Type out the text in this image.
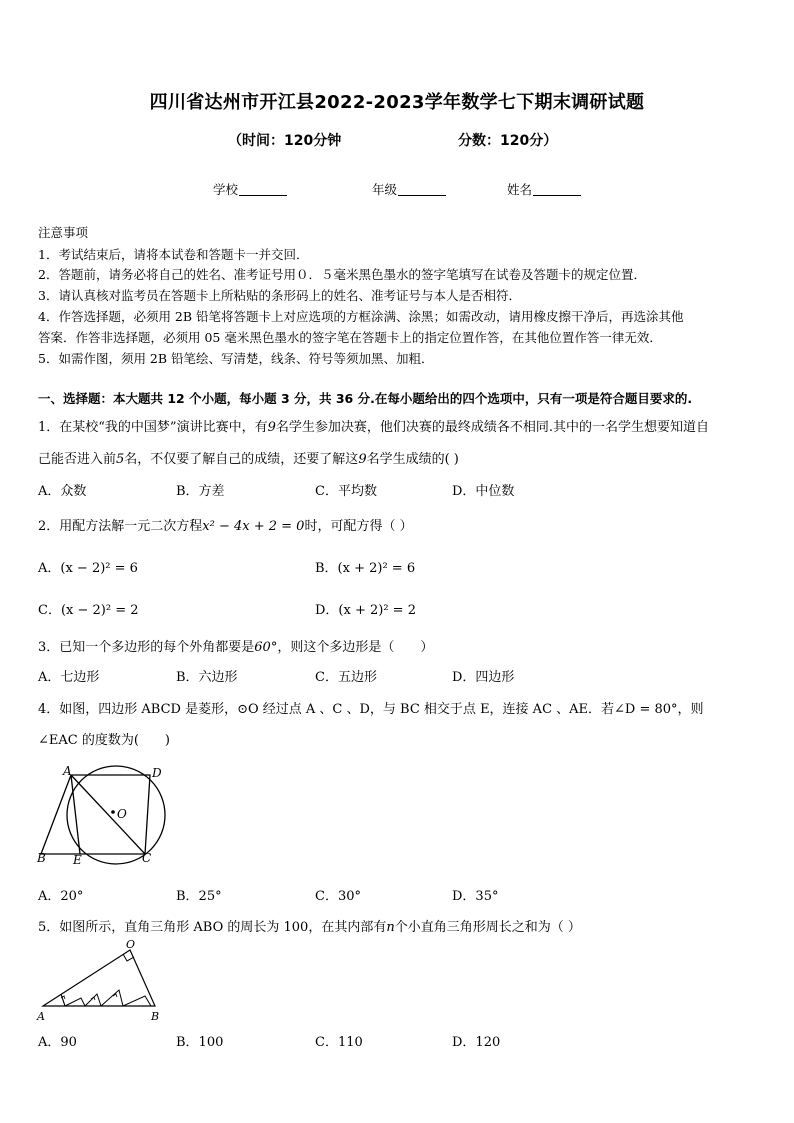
四川省达州市开江县2022-2023学年数学七下期末调研试题
（时间：120分钟	分数：120分）
学校	年级	姓名
注意事项
1．考试结束后，请将本试卷和答题卡一并交回．
2．答题前，请务必将自己的姓名、准考证号用０．５毫米黑色墨水的签字笔填写在试卷及答题卡的规定位置．
3．请认真核对监考员在答题卡上所粘贴的条形码上的姓名、准考证号与本人是否相符．
4．作答选择题，必须用 2B 铅笔将答题卡上对应选项的方框涂满、涂黑；如需改动，请用橡皮擦干净后，再选涂其他
答案．作答非选择题，必须用 05 毫米黑色墨水的签字笔在答题卡上的指定位置作答，在其他位置作答一律无效．
5．如需作图，须用 2B 铅笔绘、写清楚，线条、符号等须加黑、加粗．
一、选择题：本大题共 12 个小题，每小题 3 分，共 36 分.在每小题给出的四个选项中，只有一项是符合题目要求的.
1．在某校“我的中国梦”演讲比赛中，有9名学生参加决赛，他们决赛的最终成绩各不相同.其中的一名学生想要知道自
己能否进入前5名，不仅要了解自己的成绩，还要了解这9名学生成绩的( )
A．众数	B．方差	C．平均数	D．中位数
2．用配方法解一元二次方程x² − 4x + 2 = 0时，可配方得（ ）
A．(x − 2)² = 6	B．(x + 2)² = 6
C．(x − 2)² = 2	D．(x + 2)² = 2
3．已知一个多边形的每个外角都要是60°，则这个多边形是（　　）
A．七边形	B．六边形	C．五边形	D．四边形
4．如图，四边形 ABCD 是菱形，⊙O 经过点 A 、C 、D，与 BC 相交于点 E，连接 AC 、AE．若∠D = 80°，则
∠EAC 的度数为(　　)
A	D
O
B E	C
A．20°	B．25°	C．30°	D．35°
5．如图所示，直角三角形 ABO 的周长为 100，在其内部有n个小直角三角形周长之和为（ ）
O
A	B
A．90	B．100	C．110	D．120
